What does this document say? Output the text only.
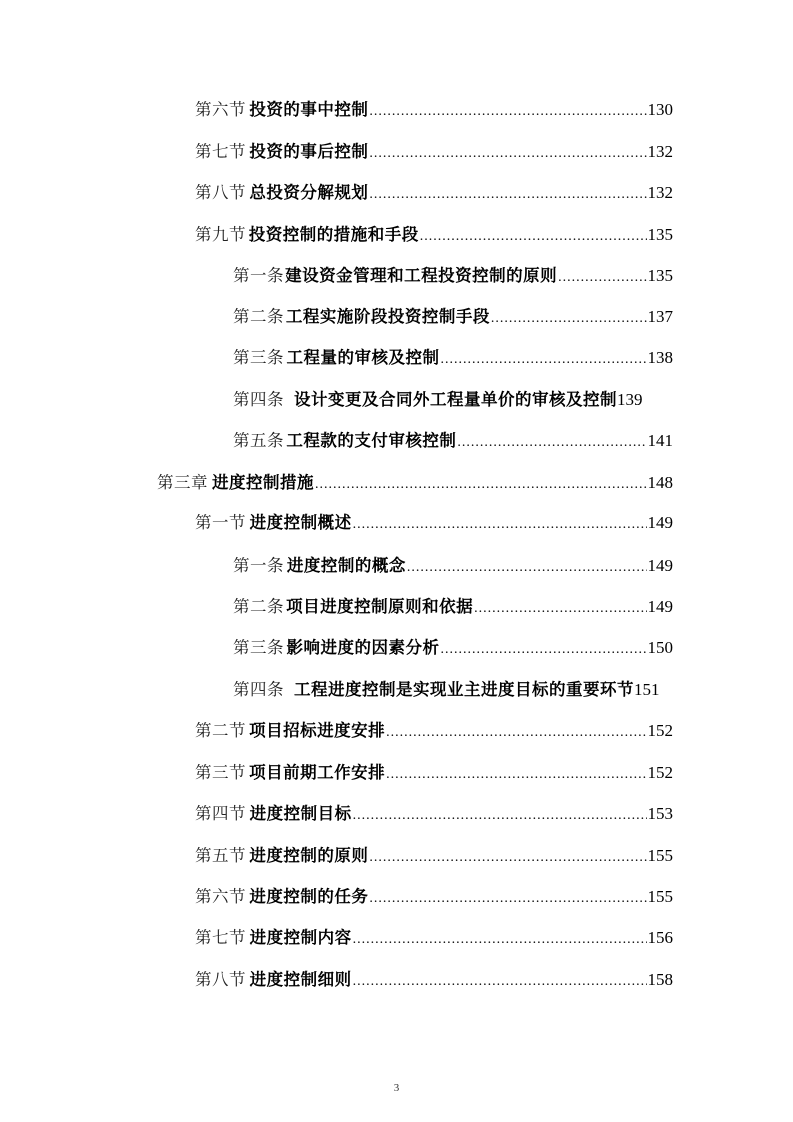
第六节 投资的事中控制 .....	130
第七节 投资的事后控制 .....	132
第八节 总投资分解规划 .....	132
第九节 投资控制的措施和手段 .....	135
第一条 建设资金管理和工程投资控制的原则 .....	135
第二条 工程实施阶段投资控制手段 .....	137
第三条 工程量的审核及控制 .....	138
第四条 设计变更及合同外工程量单价的审核及控制 139
第五条 工程款的支付审核控制 .....	141
第三章 进度控制措施 .....	148
第一节 进度控制概述 .....	149
第一条 进度控制的概念 .....	149
第二条 项目进度控制原则和依据 .....	149
第三条 影响进度的因素分析 .....	150
第四条 工程进度控制是实现业主进度目标的重要环节 151
第二节 项目招标进度安排 .....	152
第三节 项目前期工作安排 .....	152
第四节 进度控制目标 .....	153
第五节 进度控制的原则 .....	155
第六节 进度控制的任务 .....	155
第七节 进度控制内容 .....	156
第八节 进度控制细则 .....	158
3
